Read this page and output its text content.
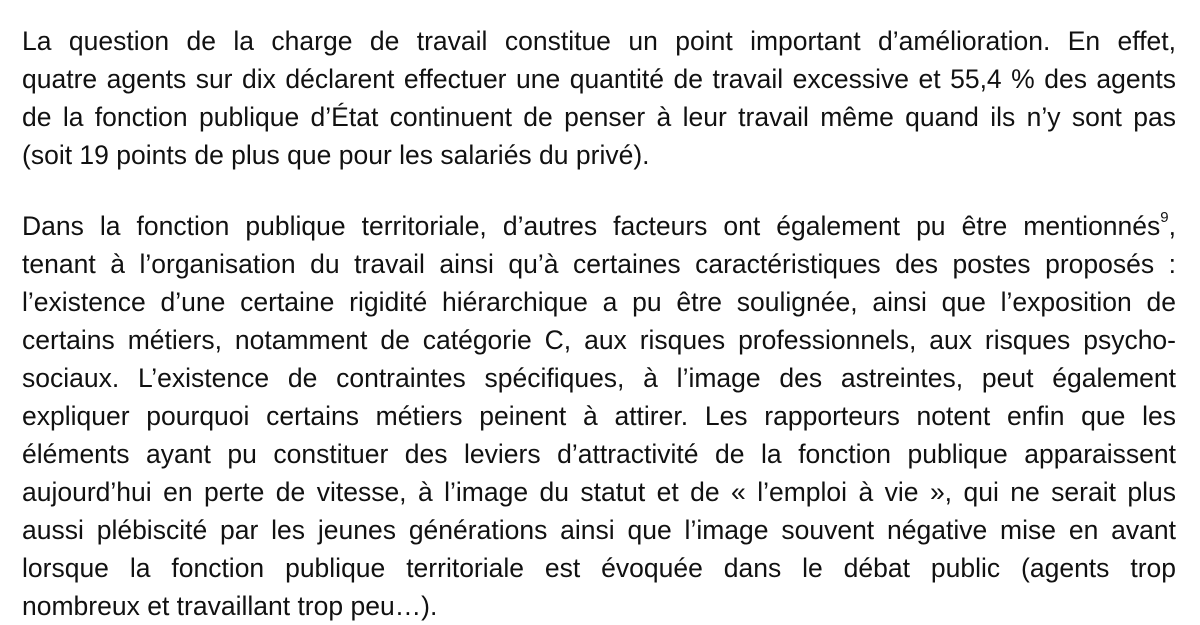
La question de la charge de travail constitue un point important d’amélioration. En effet,
quatre agents sur dix déclarent effectuer une quantité de travail excessive et 55,4 % des agents
de la fonction publique d’État continuent de penser à leur travail même quand ils n’y sont pas
(soit 19 points de plus que pour les salariés du privé).

Dans la fonction publique territoriale, d’autres facteurs ont également pu être mentionnés$^9$,
tenant à l’organisation du travail ainsi qu’à certaines caractéristiques des postes proposés :
l’existence d’une certaine rigidité hiérarchique a pu être soulignée, ainsi que l’exposition de
certains métiers, notamment de catégorie C, aux risques professionnels, aux risques psycho-
sociaux. L’existence de contraintes spécifiques, à l’image des astreintes, peut également
expliquer pourquoi certains métiers peinent à attirer. Les rapporteurs notent enfin que les
éléments ayant pu constituer des leviers d’attractivité de la fonction publique apparaissent
aujourd’hui en perte de vitesse, à l’image du statut et de « l’emploi à vie », qui ne serait plus
aussi plébiscité par les jeunes générations ainsi que l’image souvent négative mise en avant
lorsque la fonction publique territoriale est évoquée dans le débat public (agents trop
nombreux et travaillant trop peu…).
